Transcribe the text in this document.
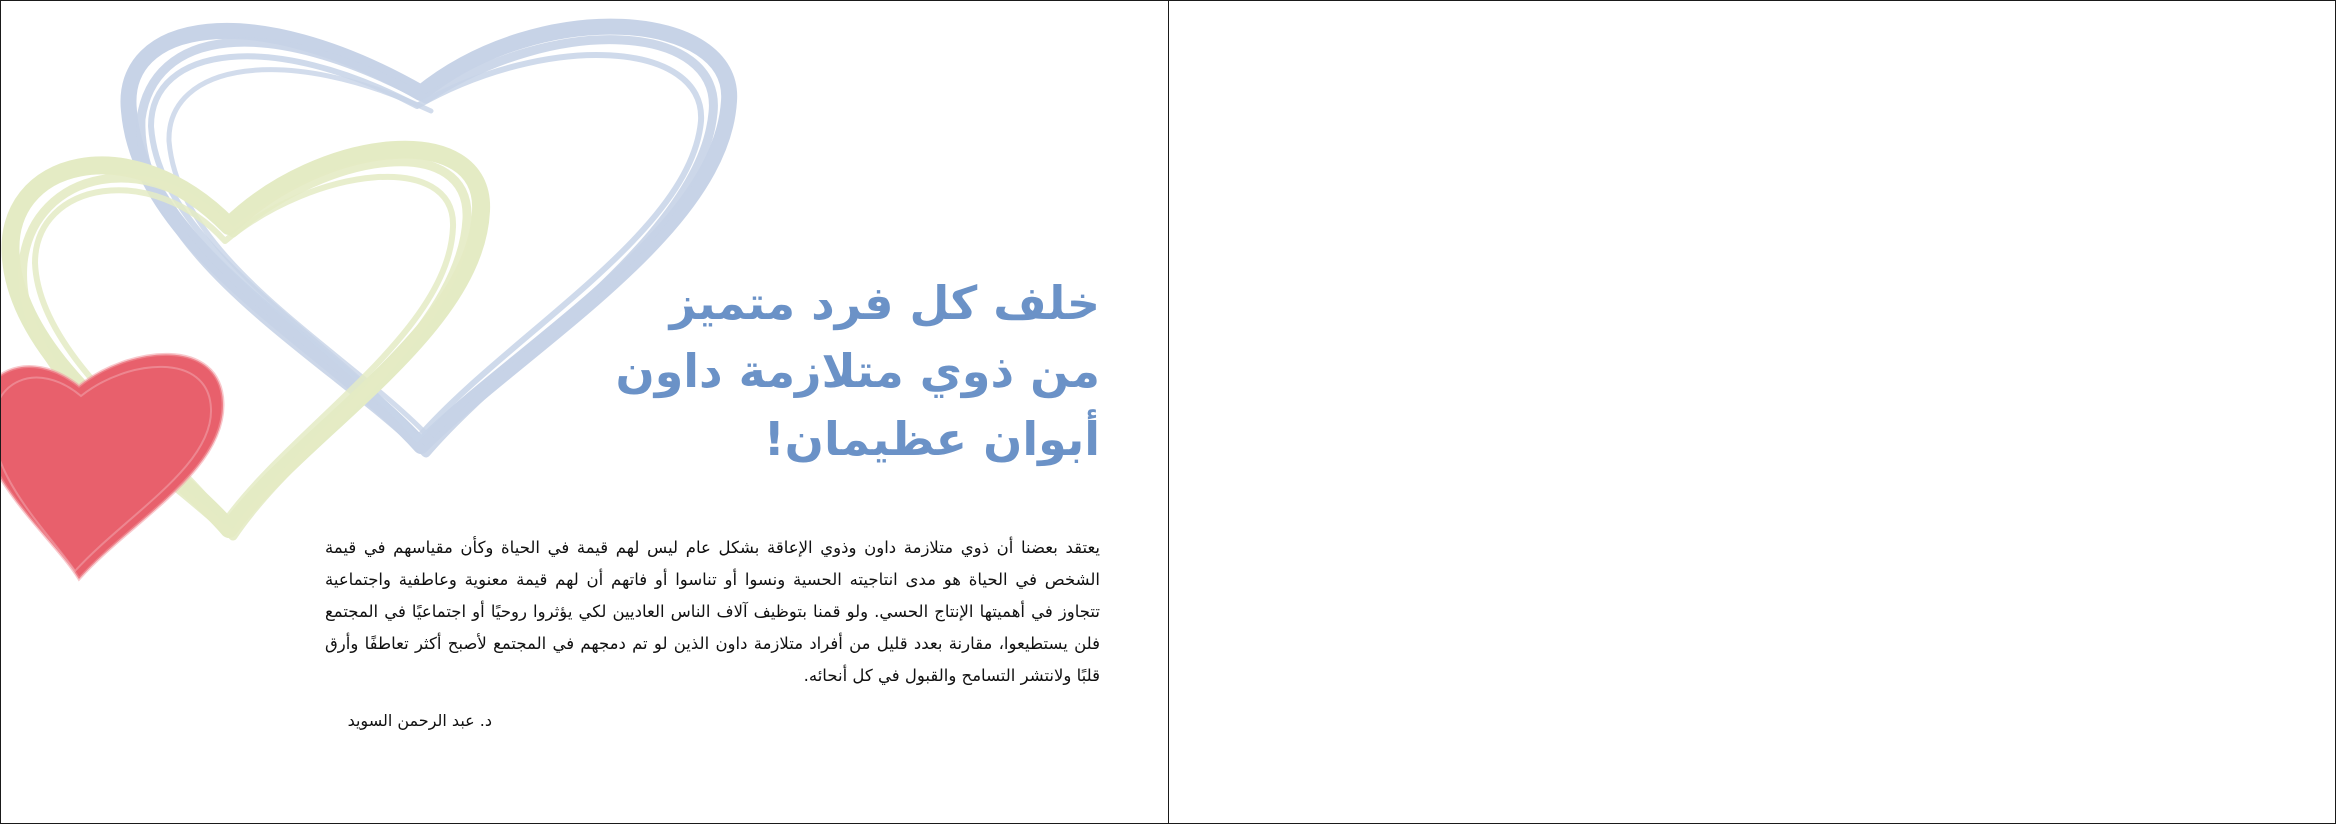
خلف كل فرد متميز
من ذوي متلازمة داون
أبوان عظيمان!

يعتقد بعضنا أن ذوي متلازمة داون وذوي الإعاقة بشكل عام ليس لهم قيمة في الحياة وكأن مقياسهم في قيمة الشخص في الحياة هو مدى انتاجيته الحسية ونسوا أو تناسوا أو فاتهم أن لهم قيمة معنوية وعاطفية واجتماعية تتجاوز في أهميتها الإنتاج الحسي. ولو قمنا بتوظيف آلاف الناس العاديين لكي يؤثروا روحيًا أو اجتماعيًا في المجتمع فلن يستطيعوا، مقارنة بعدد قليل من أفراد متلازمة داون الذين لو تم دمجهم في المجتمع لأصبح أكثر تعاطفًا وأرق قلبًا ولانتشر التسامح والقبول في كل أنحائه.

د. عبد الرحمن السويد
